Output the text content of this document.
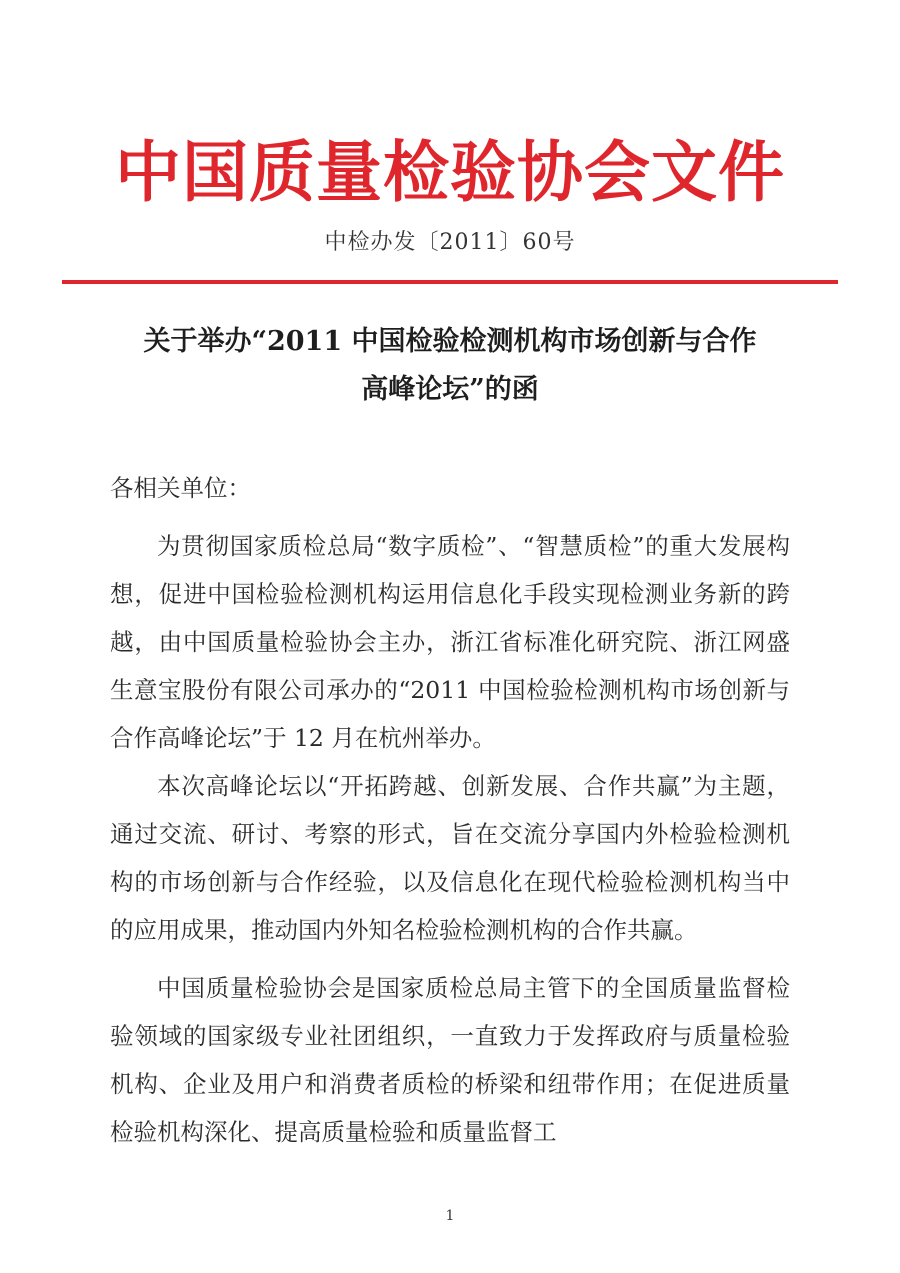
中国质量检验协会文件
中检办发〔2011〕60号
关于举办“2011 中国检验检测机构市场创新与合作
高峰论坛”的函

各相关单位：

为贯彻国家质检总局“数字质检”、“智慧质检”的重大发展构想，促进中国检验检测机构运用信息化手段实现检测业务新的跨越，由中国质量检验协会主办，浙江省标准化研究院、浙江网盛生意宝股份有限公司承办的“2011 中国检验检测机构市场创新与合作高峰论坛”于 12 月在杭州举办。

本次高峰论坛以“开拓跨越、创新发展、合作共赢”为主题，通过交流、研讨、考察的形式，旨在交流分享国内外检验检测机构的市场创新与合作经验，以及信息化在现代检验检测机构当中的应用成果，推动国内外知名检验检测机构的合作共赢。

中国质量检验协会是国家质检总局主管下的全国质量监督检验领域的国家级专业社团组织，一直致力于发挥政府与质量检验机构、企业及用户和消费者质检的桥梁和纽带作用；在促进质量检验机构深化、提高质量检验和质量监督工

1
